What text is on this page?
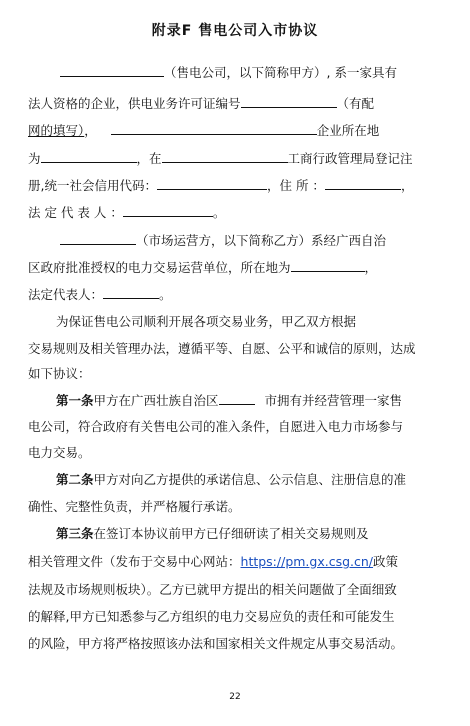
附录F 售电公司入市协议
（售电公司，以下简称甲方）, 系一家具有
法人资格的企业，供电业务许可证编号	（有配
网的填写），	企业所在地
为	，在	工商行政管理局登记注
册,统一社会信用代码：	，住 所 ：	，
法 定 代 表 人 ：	。
（市场运营方，以下简称乙方）系经广西自治
区政府批准授权的电力交易运营单位，所在地为	，
法定代表人：	。
为保证售电公司顺利开展各项交易业务，甲乙双方根据
交易规则及相关管理办法，遵循平等、自愿、公平和诚信的原则，达成
如下协议：
第一条甲方在广西壮族自治区	市拥有并经营管理一家售
电公司，符合政府有关售电公司的准入条件，自愿进入电力市场参与
电力交易。
第二条甲方对向乙方提供的承诺信息、公示信息、注册信息的准
确性、完整性负责，并严格履行承诺。
第三条在签订本协议前甲方已仔细研读了相关交易规则及
相关管理文件（发布于交易中心网站：https://pm.gx.csg.cn/政策
法规及市场规则板块）。乙方已就甲方提出的相关问题做了全面细致
的解释,甲方已知悉参与乙方组织的电力交易应负的责任和可能发生
的风险，甲方将严格按照该办法和国家相关文件规定从事交易活动。
22
